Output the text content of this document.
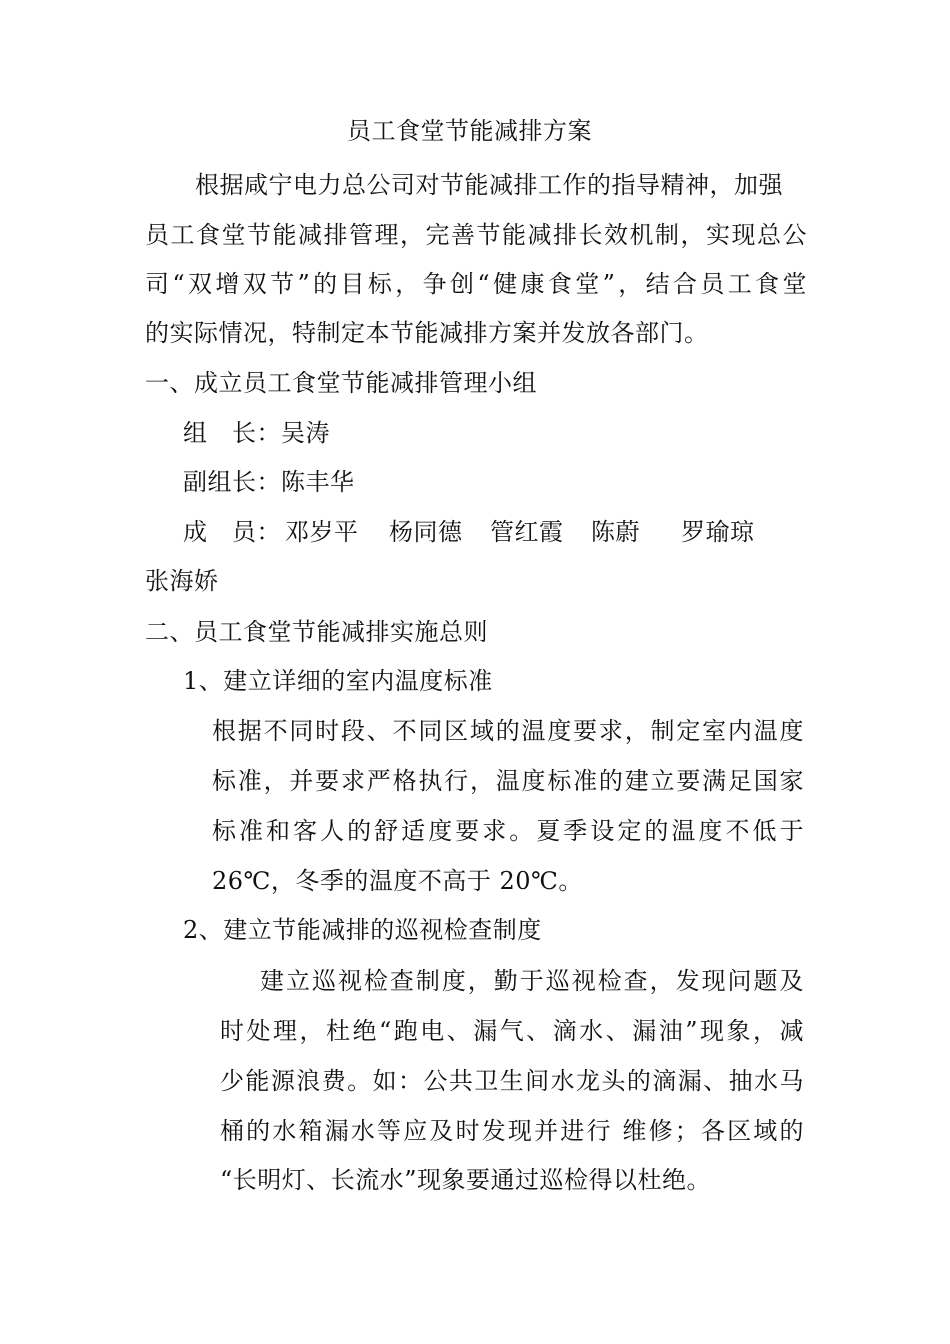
员工食堂节能减排方案
根据咸宁电力总公司对节能减排工作的指导精神，加强
员工食堂节能减排管理，完善节能减排长效机制，实现总公
司“双增双节”的目标，争创“健康食堂”，结合员工食堂
的实际情况，特制定本节能减排方案并发放各部门。
一、成立员工食堂节能减排管理小组
组　长：吴涛
副组长：陈丰华
成　员： 邓岁平 杨同德 管红霞 陈蔚 罗瑜琼
张海娇
二、员工食堂节能减排实施总则
1、建立详细的室内温度标准
根据不同时段、不同区域的温度要求，制定室内温度
标准，并要求严格执行，温度标准的建立要满足国家
标准和客人的舒适度要求。夏季设定的温度不低于
26℃，冬季的温度不高于 20℃。
2、建立节能减排的巡视检查制度
建立巡视检查制度，勤于巡视检查，发现问题及
时处理，杜绝“跑电、漏气、滴水、漏油”现象，减
少能源浪费。如：公共卫生间水龙头的滴漏、抽水马
桶的水箱漏水等应及时发现并进行 维修；各区域的
“长明灯、长流水”现象要通过巡检得以杜绝。
